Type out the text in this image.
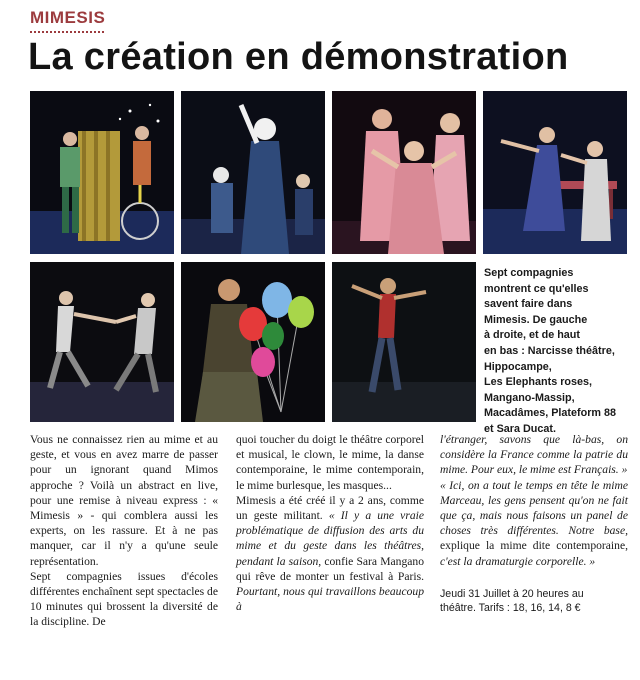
MIMESIS
La création en démonstration

Sept compagnies

montrent ce qu'elles

savent faire dans

Mimesis. De gauche

à droite, et de haut

en bas : Narcisse théâtre,

Hippocampe,

Les Elephants roses,

Mangano-Massip,

Macadâmes, Plateform 88

et Sara Ducat.

Vous ne connaissez rien au mime et au geste, et vous en avez marre de passer pour un ignorant quand Mimos approche ? Voilà un abstract en live, pour une remise à niveau express : « Mimesis » - qui comblera aussi les experts, on les rassure. Et à ne pas manquer, car il n'y a qu'une seule représentation.

Sept compagnies issues d'écoles différentes enchaînent sept spectacles de 10 minutes qui brossent la diversité de la discipline. De

quoi toucher du doigt le théâtre corporel et musical, le clown, le mime, la danse contemporaine, le mime contemporain, le mime burlesque, les masques...

Mimesis a été créé il y a 2 ans, comme un geste militant. « Il y a une vraie problématique de diffusion des arts du mime et du geste dans les théâtres, pendant la saison, confie Sara Mangano qui rêve de monter un festival à Paris. Pourtant, nous qui travaillons beaucoup à

l'étranger, savons que là-bas, on considère la France comme la patrie du mime. Pour eux, le mime est Français. »

« Ici, on a tout le temps en tête le mime Marceau, les gens pensent qu'on ne fait que ça, mais nous faisons un panel de choses très différentes. Notre base, explique la mime dite contemporaine, c'est la dramaturgie corporelle. »

Jeudi 31 Juillet à 20 heures au
théâtre. Tarifs : 18, 16, 14, 8 €
